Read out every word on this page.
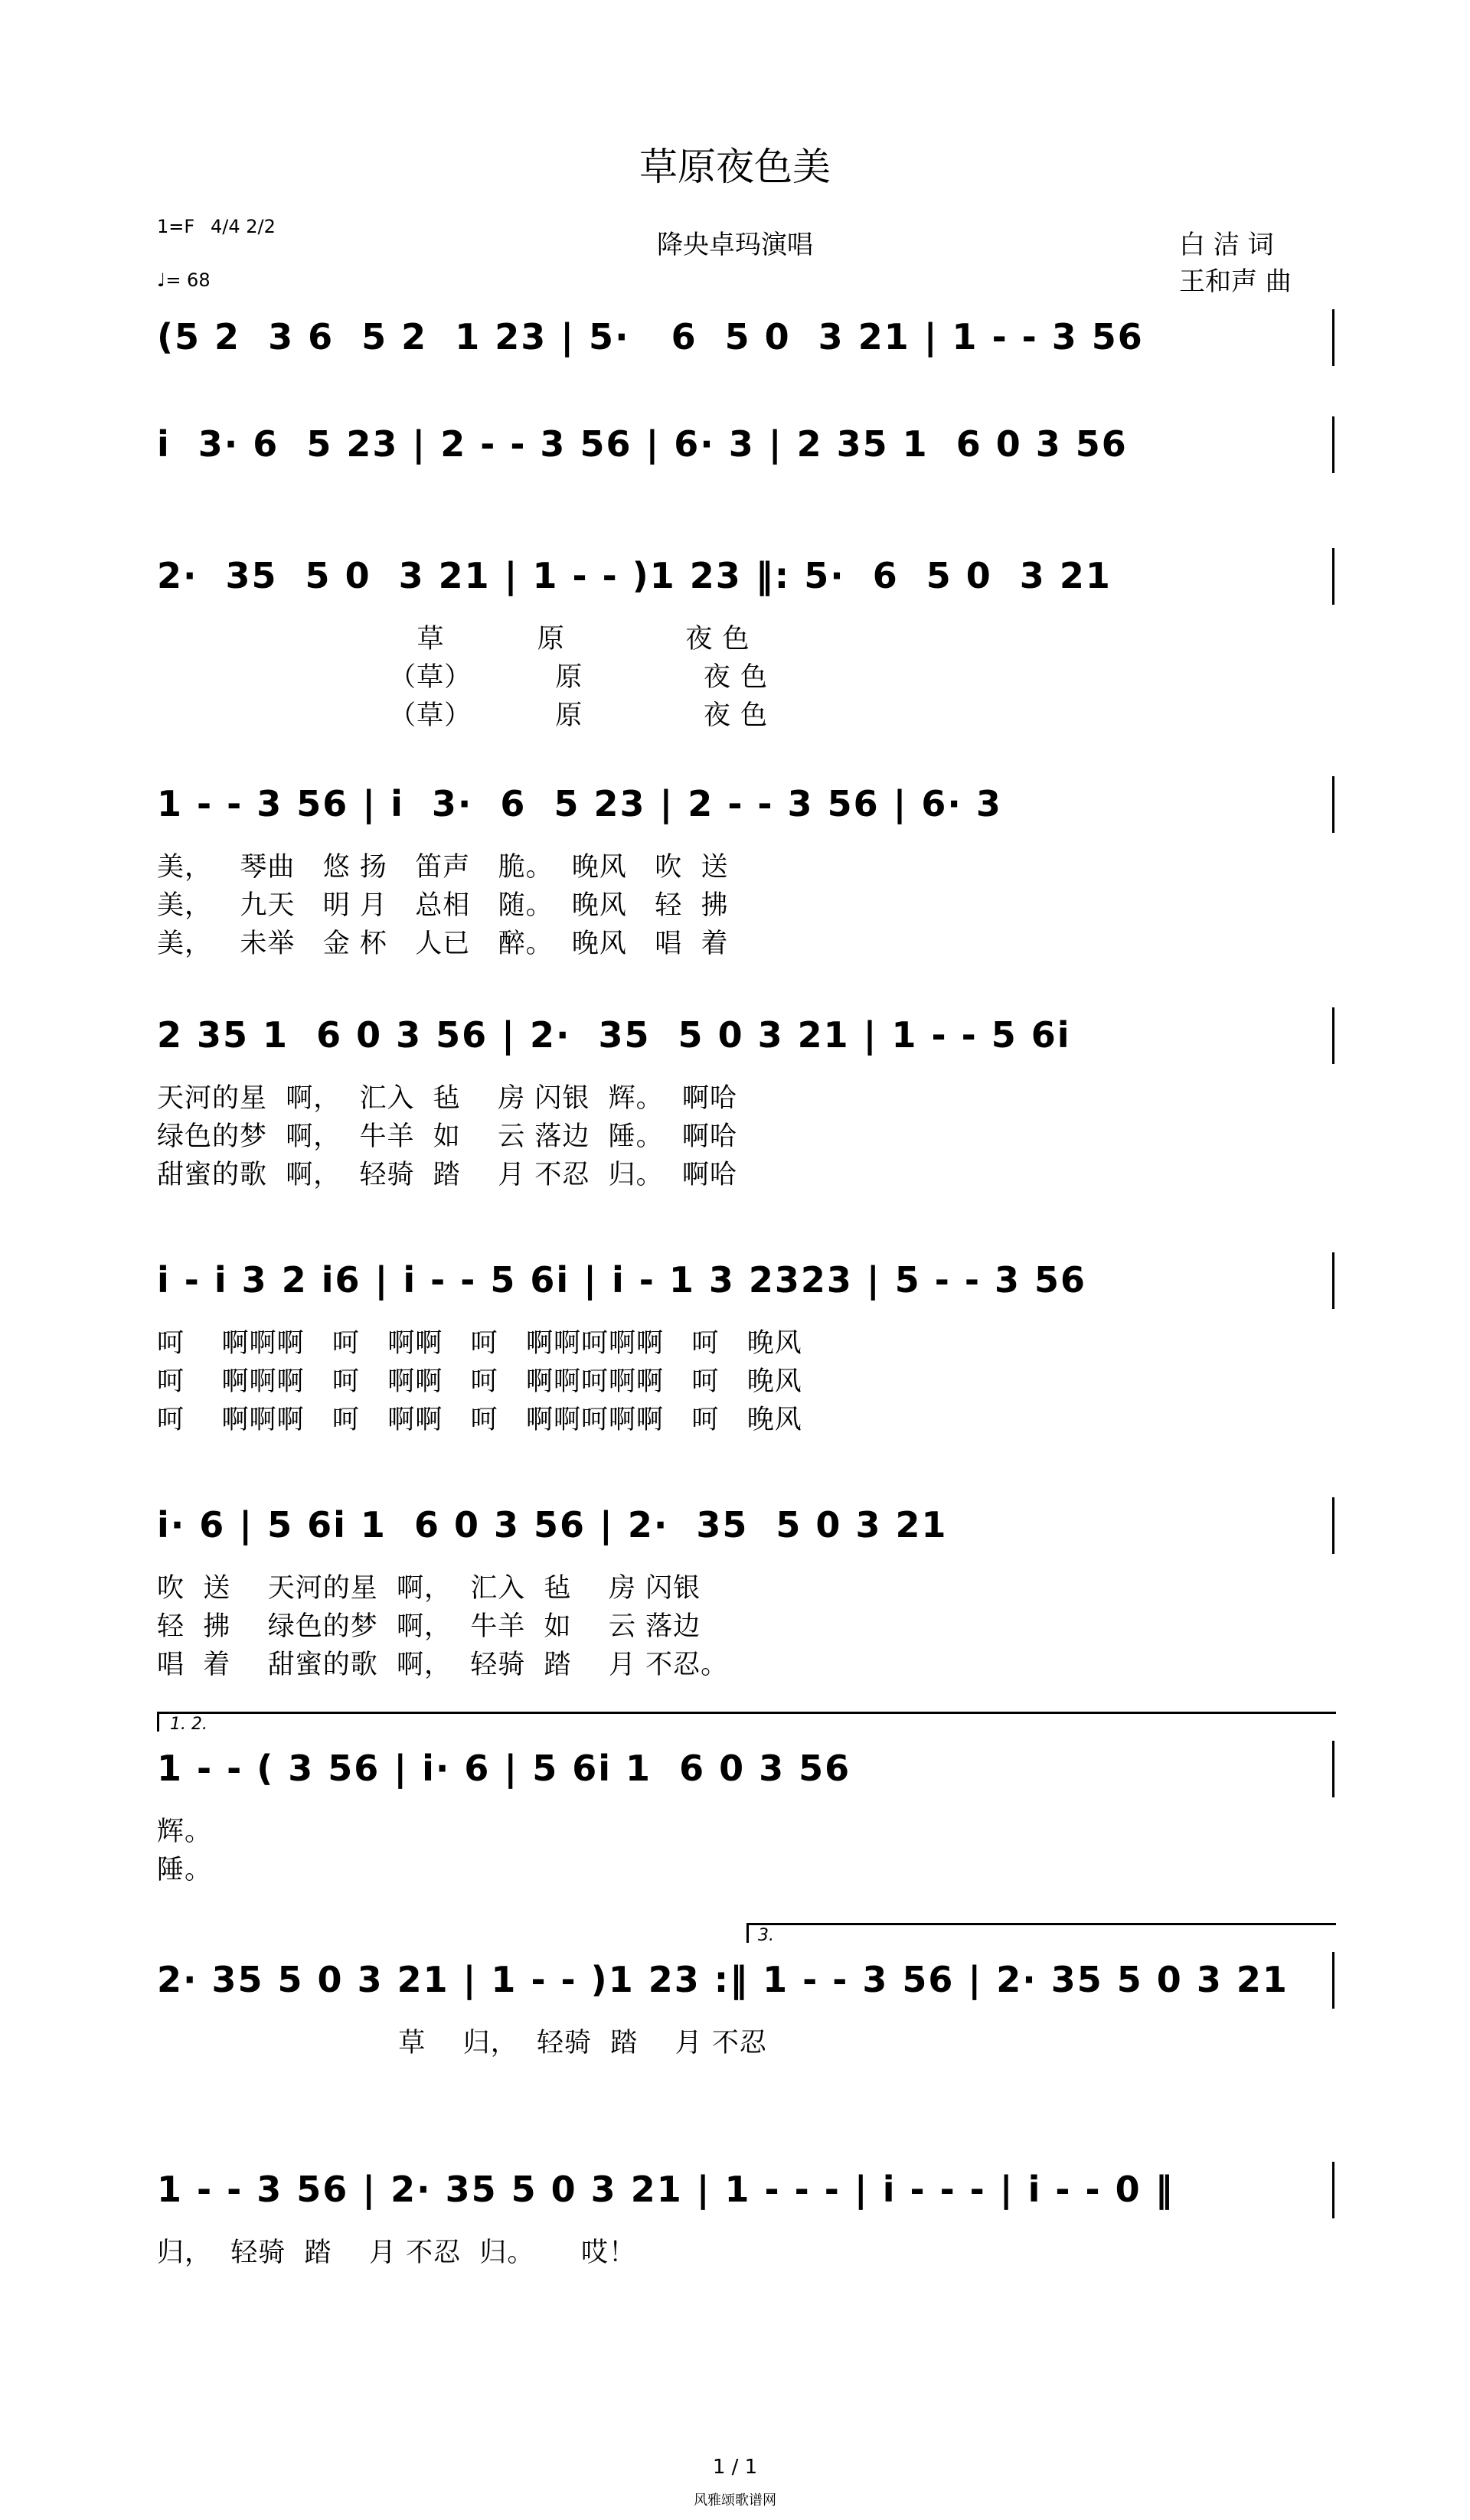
草原夜色美
1=F 4/4 2/2
♩= 68
降央卓玛演唱	白 洁 词
王和声 曲
(5 2  3 6  5 2  1 23 | 5·   6  5 0  3 21 | 1 - - 3 56
i  3· 6  5 23 | 2 - - 3 56 | 6· 3 | 2 35 1  6 0 3 56
2·  35  5 0  3 21 | 1 - - )1 23 ‖: 5·  6  5 0  3 21
草          原             夜 色
（草）         原             夜 色
（草）         原             夜 色
1 - - 3 56 | i  3·  6  5 23 | 2 - - 3 56 | 6· 3
美，   琴曲   悠 扬   笛声   脆。  晚风   吹  送
美，   九天   明 月   总相   随。  晚风   轻  拂
美，   未举   金 杯   人已   醉。  晚风   唱  着
2 35 1  6 0 3 56 | 2·  35  5 0 3 21 | 1 - - 5 6i
天河的星  啊，  汇入  毡    房 闪银  辉。  啊哈
绿色的梦  啊，  牛羊  如    云 落边  陲。  啊哈
甜蜜的歌  啊，  轻骑  踏    月 不忍  归。  啊哈
i - i 3 2 i6 | i - - 5 6i | i - 1 3 2323 | 5 - - 3 56
呵    啊啊啊   呵   啊啊   呵   啊啊呵啊啊   呵   晚风
呵    啊啊啊   呵   啊啊   呵   啊啊呵啊啊   呵   晚风
呵    啊啊啊   呵   啊啊   呵   啊啊呵啊啊   呵   晚风
i· 6 | 5 6i 1  6 0 3 56 | 2·  35  5 0 3 21
吹  送    天河的星  啊，  汇入  毡    房 闪银
轻  拂    绿色的梦  啊，  牛羊  如    云 落边
唱  着    甜蜜的歌  啊，  轻骑  踏    月 不忍。
1 - - ( 3 56 | i· 6 | 5 6i 1  6 0 3 56
1. 2.
辉。
陲。
2· 35 5 0 3 21 | 1 - - )1 23 :‖ 1 - - 3 56 | 2· 35 5 0 3 21
3.
草    归，  轻骑  踏    月 不忍
1 - - 3 56 | 2· 35 5 0 3 21 | 1 - - - | i - - - | i - - 0 ‖
归，  轻骑  踏    月 不忍  归。     哎！
1 / 1
风雅颂歌谱网
